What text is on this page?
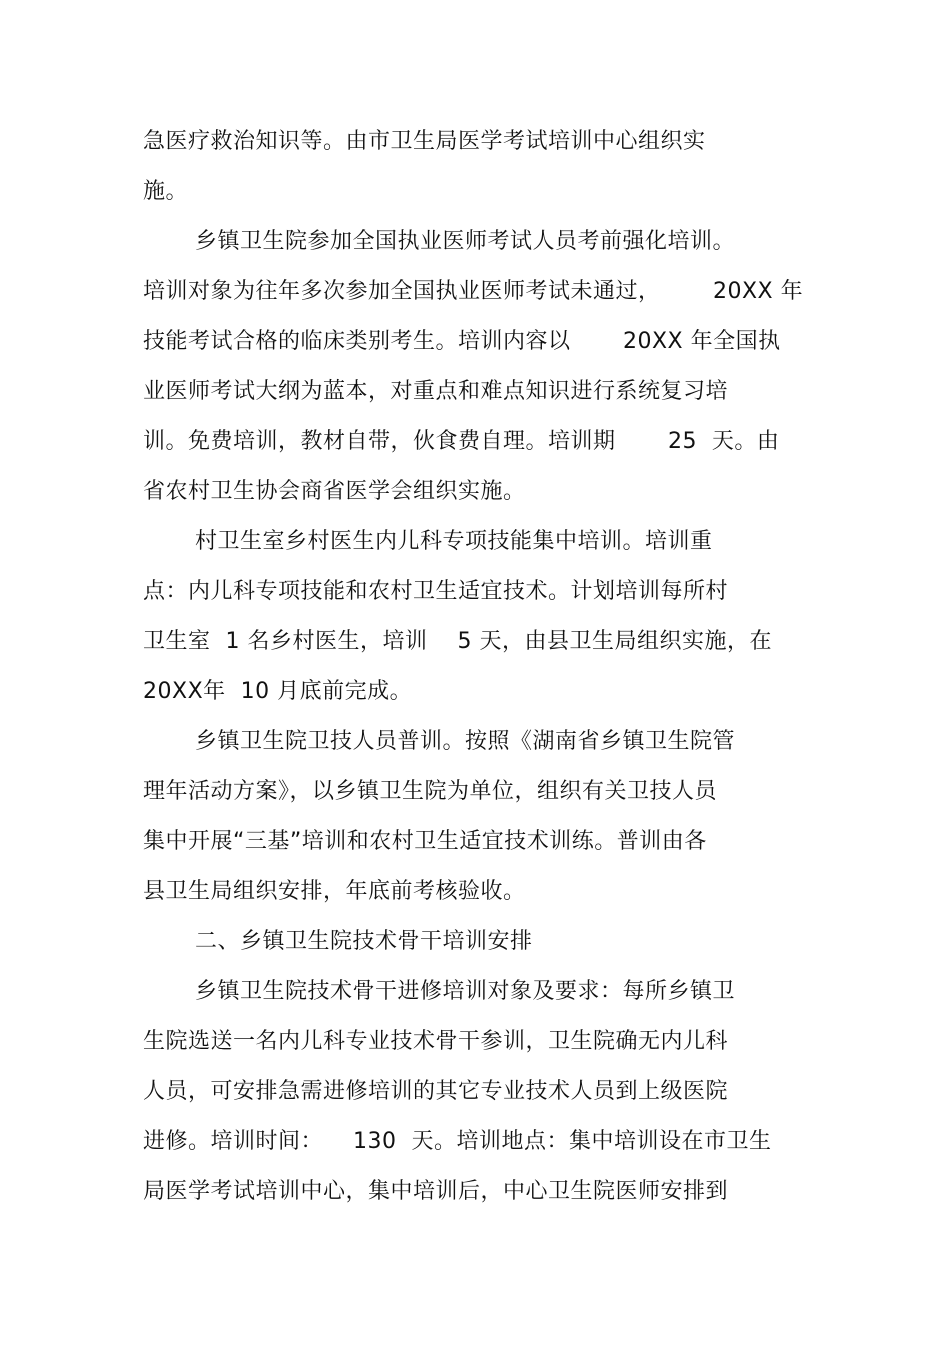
急医疗救治知识等。由市卫生局医学考试培训中心组织实
施。
乡镇卫生院参加全国执业医师考试人员考前强化培训。
培训对象为往年多次参加全国执业医师考试未通过，       20XX 年
技能考试合格的临床类别考生。培训内容以       20XX 年全国执
业医师考试大纲为蓝本，对重点和难点知识进行系统复习培
训。免费培训，教材自带，伙食费自理。培训期       25  天。由
省农村卫生协会商省医学会组织实施。
村卫生室乡村医生内儿科专项技能集中培训。培训重
点：内儿科专项技能和农村卫生适宜技术。计划培训每所村
卫生室  1 名乡村医生，培训    5 天，由县卫生局组织实施，在
20XX年  10 月底前完成。
乡镇卫生院卫技人员普训。按照《湖南省乡镇卫生院管
理年活动方案》，以乡镇卫生院为单位，组织有关卫技人员
集中开展“三基”培训和农村卫生适宜技术训练。普训由各
县卫生局组织安排，年底前考核验收。
二、乡镇卫生院技术骨干培训安排
乡镇卫生院技术骨干进修培训对象及要求：每所乡镇卫
生院选送一名内儿科专业技术骨干参训，卫生院确无内儿科
人员，可安排急需进修培训的其它专业技术人员到上级医院
进修。培训时间：    130  天。培训地点：集中培训设在市卫生
局医学考试培训中心，集中培训后，中心卫生院医师安排到
